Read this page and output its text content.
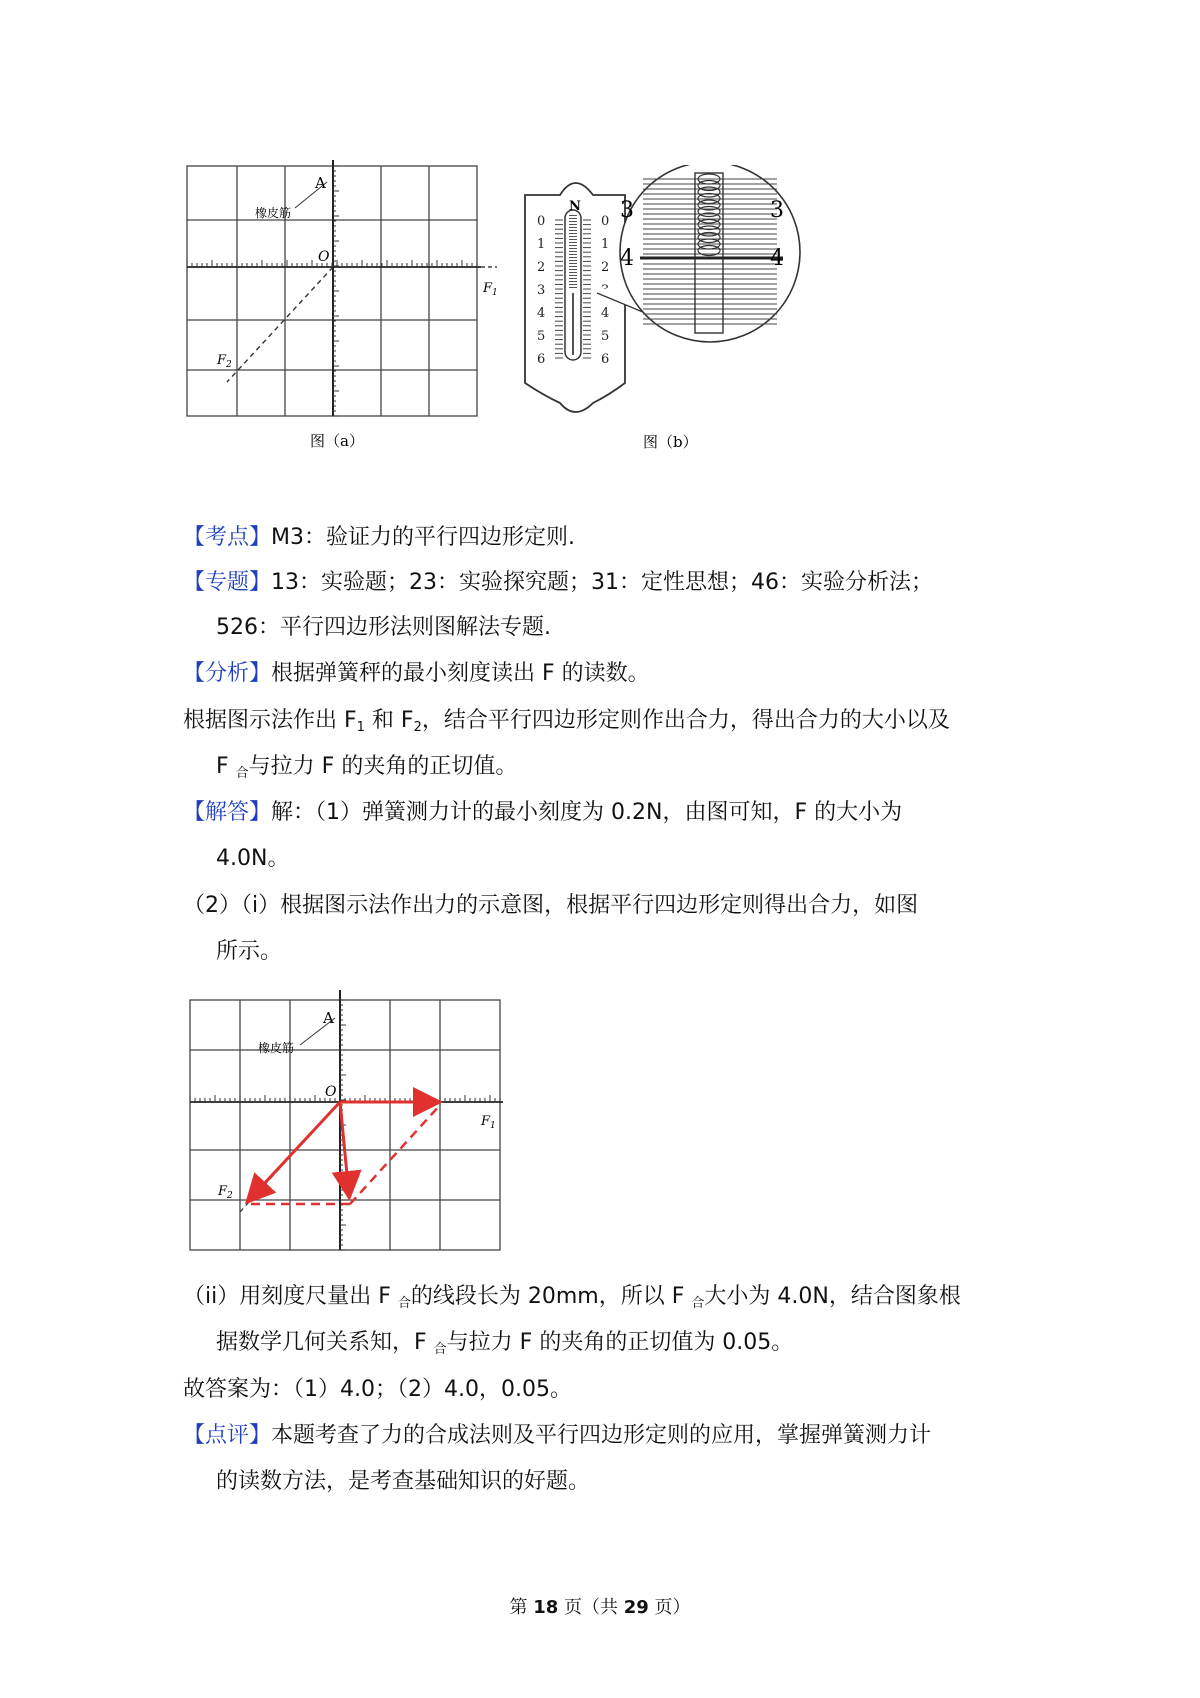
A
橡皮筋
O
$F_1$
$F_2$
图（a）
0	0
1	1
2	2
3
4	4
5	5
6	6
N 3	3
4	4
图（b）
【考点】M3：验证力的平行四边形定则.
【专题】13：实验题；23：实验探究题；31：定性思想；46：实验分析法；
526：平行四边形法则图解法专题.
【分析】根据弹簧秤的最小刻度读出 F 的读数。
根据图示法作出 $F_1$ 和 $F_2$，结合平行四边形定则作出合力，得出合力的大小以及
F $_合$与拉力 F 的夹角的正切值。
【解答】解：（1）弹簧测力计的最小刻度为 0.2N，由图可知，F 的大小为
4.0N。
（2）（i）根据图示法作出力的示意图，根据平行四边形定则得出合力，如图
所示。
A
橡皮筋
O
$F_1$
$F_2$
（ii）用刻度尺量出 F $_合$的线段长为 20mm，所以 F $_合$大小为 4.0N，结合图象根
据数学几何关系知，F $_合$与拉力 F 的夹角的正切值为 0.05。
故答案为：（1）4.0；（2）4.0，0.05。
【点评】本题考查了力的合成法则及平行四边形定则的应用，掌握弹簧测力计
的读数方法，是考查基础知识的好题。
第 18 页（共 29 页）
